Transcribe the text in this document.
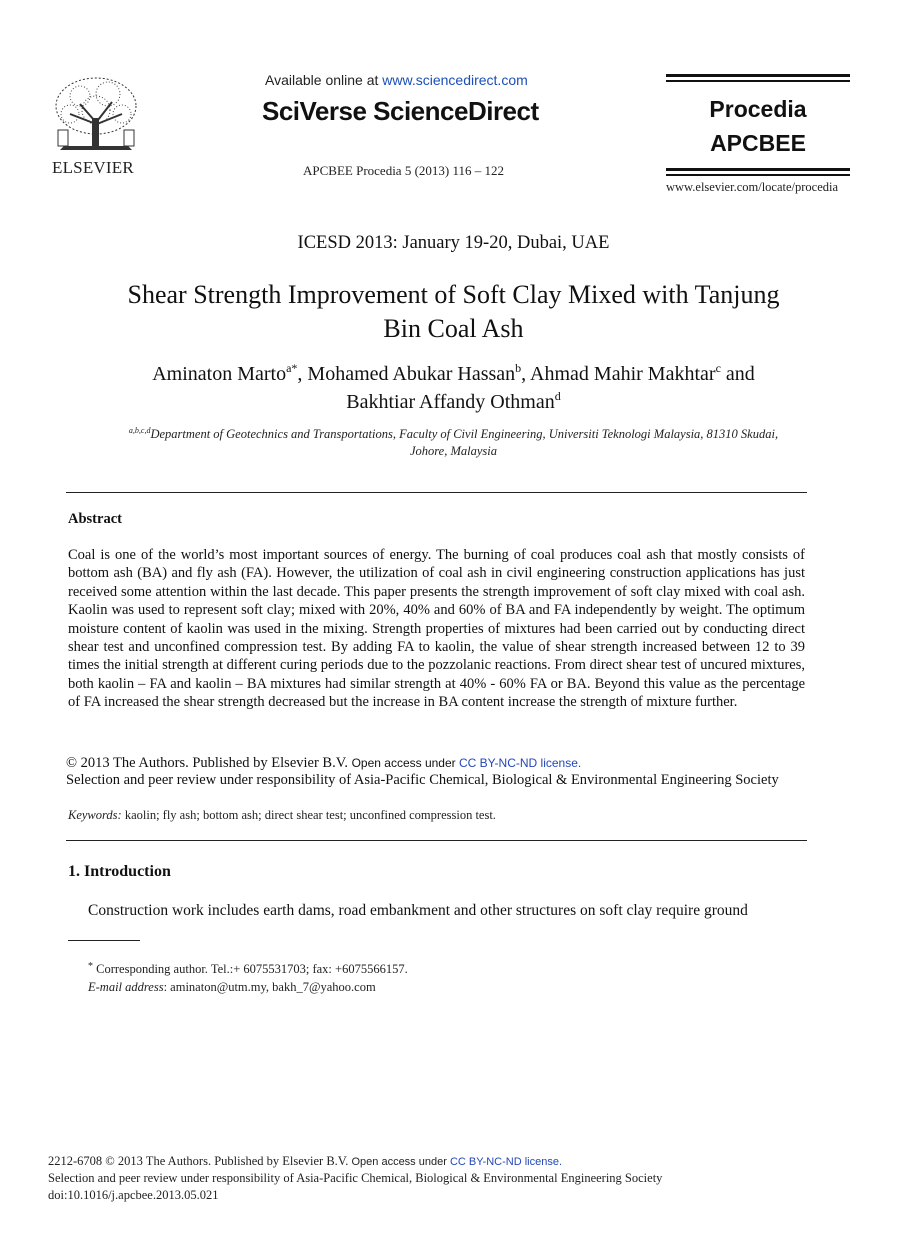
ELSEVIER
Available online at www.sciencedirect.com
SciVerse ScienceDirect
APCBEE Procedia 5 (2013) 116 – 122
Procedia
APCBEE
www.elsevier.com/locate/procedia
ICESD 2013: January 19-20, Dubai, UAE
Shear Strength Improvement of Soft Clay Mixed with Tanjung
Bin Coal Ash
Aminaton Marto$^{a*}$, Mohamed Abukar Hassan$^b$, Ahmad Mahir Makhtar$^c$ and
Bakhtiar Affandy Othman$^d$
$^{a,b,c,d}$Department of Geotechnics and Transportations, Faculty of Civil Engineering, Universiti Teknologi Malaysia, 81310 Skudai,
Johore, Malaysia
Abstract
Coal is one of the world’s most important sources of energy. The burning of coal produces coal ash that mostly consists of bottom ash (BA) and fly ash (FA). However, the utilization of coal ash in civil engineering construction applications has just received some attention within the last decade. This paper presents the strength improvement of soft clay mixed with coal ash. Kaolin was used to represent soft clay; mixed with 20%, 40% and 60% of BA and FA independently by weight. The optimum moisture content of kaolin was used in the mixing. Strength properties of mixtures had been carried out by conducting direct shear test and unconfined compression test. By adding FA to kaolin, the value of shear strength increased between 12 to 39 times the initial strength at different curing periods due to the pozzolanic reactions. From direct shear test of uncured mixtures, both kaolin – FA and kaolin – BA mixtures had similar strength at 40% - 60% FA or BA. Beyond this value as the percentage of FA increased the shear strength decreased but the increase in BA content increase the strength of mixture further.
© 2013 The Authors. Published by Elsevier B.V. Open access under CC BY-NC-ND license.
Selection and peer review under responsibility of Asia-Pacific Chemical, Biological & Environmental Engineering Society
Keywords: kaolin; fly ash; bottom ash; direct shear test; unconfined compression test.
1. Introduction
Construction work includes earth dams, road embankment and other structures on soft clay require ground
* Corresponding author. Tel.:+ 6075531703; fax: +6075566157.
E-mail address: aminaton@utm.my, bakh_7@yahoo.com
2212-6708 © 2013 The Authors. Published by Elsevier B.V. Open access under CC BY-NC-ND license.
Selection and peer review under responsibility of Asia-Pacific Chemical, Biological & Environmental Engineering Society
doi:10.1016/j.apcbee.2013.05.021
